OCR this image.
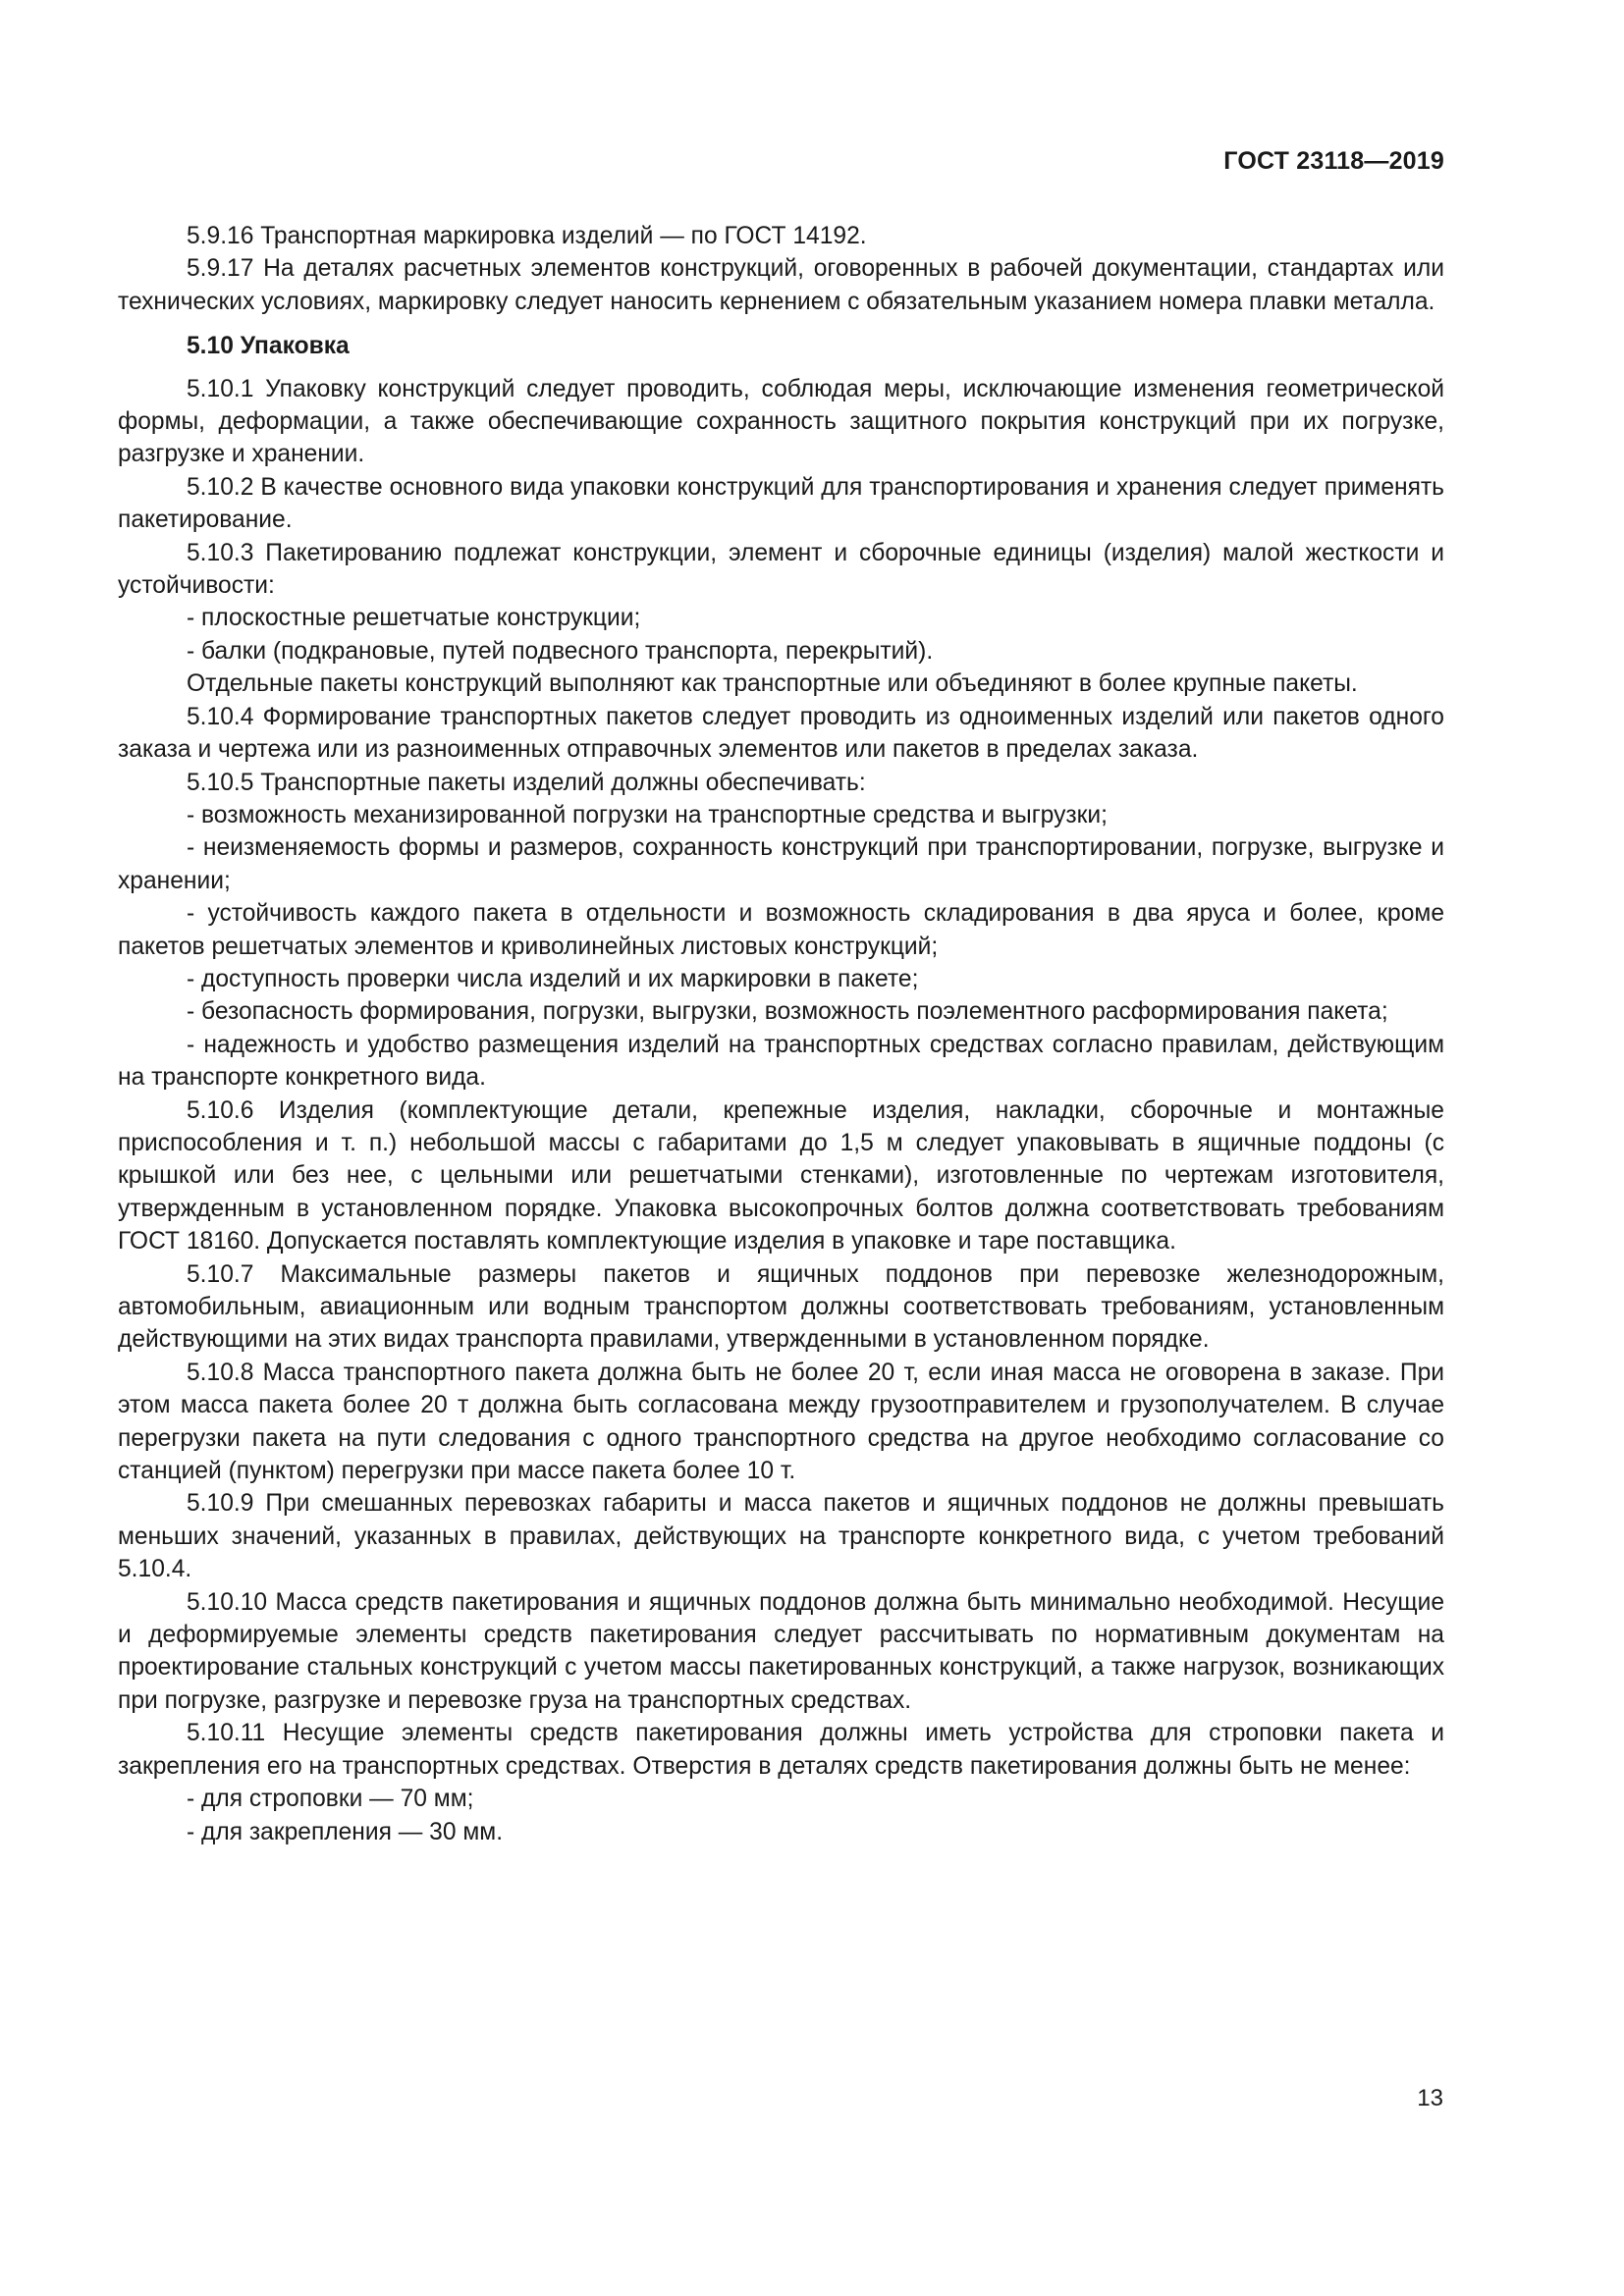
ГОСТ 23118—2019

5.9.16 Транспортная маркировка изделий — по ГОСТ 14192.

5.9.17 На деталях расчетных элементов конструкций, оговоренных в рабочей документации, стандартах или технических условиях, маркировку следует наносить кернением с обязательным указанием номера плавки металла.

5.10 Упаковка

5.10.1 Упаковку конструкций следует проводить, соблюдая меры, исключающие изменения геометрической формы, деформации, а также обеспечивающие сохранность защитного покрытия конструкций при их погрузке, разгрузке и хранении.

5.10.2 В качестве основного вида упаковки конструкций для транспортирования и хранения следует применять пакетирование.

5.10.3 Пакетированию подлежат конструкции, элемент и сборочные единицы (изделия) малой жесткости и устойчивости:

- плоскостные решетчатые конструкции;

- балки (подкрановые, путей подвесного транспорта, перекрытий).

Отдельные пакеты конструкций выполняют как транспортные или объединяют в более крупные пакеты.

5.10.4 Формирование транспортных пакетов следует проводить из одноименных изделий или пакетов одного заказа и чертежа или из разноименных отправочных элементов или пакетов в пределах заказа.

5.10.5 Транспортные пакеты изделий должны обеспечивать:

- возможность механизированной погрузки на транспортные средства и выгрузки;

- неизменяемость формы и размеров, сохранность конструкций при транспортировании, погрузке, выгрузке и хранении;

- устойчивость каждого пакета в отдельности и возможность складирования в два яруса и более, кроме пакетов решетчатых элементов и криволинейных листовых конструкций;

- доступность проверки числа изделий и их маркировки в пакете;

- безопасность формирования, погрузки, выгрузки, возможность поэлементного расформирования пакета;

- надежность и удобство размещения изделий на транспортных средствах согласно правилам, действующим на транспорте конкретного вида.

5.10.6 Изделия (комплектующие детали, крепежные изделия, накладки, сборочные и монтажные приспособления и т. п.) небольшой массы с габаритами до 1,5 м следует упаковывать в ящичные поддоны (с крышкой или без нее, с цельными или решетчатыми стенками), изготовленные по чертежам изготовителя, утвержденным в установленном порядке. Упаковка высокопрочных болтов должна соответствовать требованиям ГОСТ 18160. Допускается поставлять комплектующие изделия в упаковке и таре поставщика.

5.10.7 Максимальные размеры пакетов и ящичных поддонов при перевозке железнодорожным, автомобильным, авиационным или водным транспортом должны соответствовать требованиям, установленным действующими на этих видах транспорта правилами, утвержденными в установленном порядке.

5.10.8 Масса транспортного пакета должна быть не более 20 т, если иная масса не оговорена в заказе. При этом масса пакета более 20 т должна быть согласована между грузоотправителем и грузополучателем. В случае перегрузки пакета на пути следования с одного транспортного средства на другое необходимо согласование со станцией (пунктом) перегрузки при массе пакета более 10 т.

5.10.9 При смешанных перевозках габариты и масса пакетов и ящичных поддонов не должны превышать меньших значений, указанных в правилах, действующих на транспорте конкретного вида, с учетом требований 5.10.4.

5.10.10 Масса средств пакетирования и ящичных поддонов должна быть минимально необходимой. Несущие и деформируемые элементы средств пакетирования следует рассчитывать по нормативным документам на проектирование стальных конструкций с учетом массы пакетированных конструкций, а также нагрузок, возникающих при погрузке, разгрузке и перевозке груза на транспортных средствах.

5.10.11 Несущие элементы средств пакетирования должны иметь устройства для строповки пакета и закрепления его на транспортных средствах. Отверстия в деталях средств пакетирования должны быть не менее:

- для строповки — 70 мм;

- для закрепления — 30 мм.

13
